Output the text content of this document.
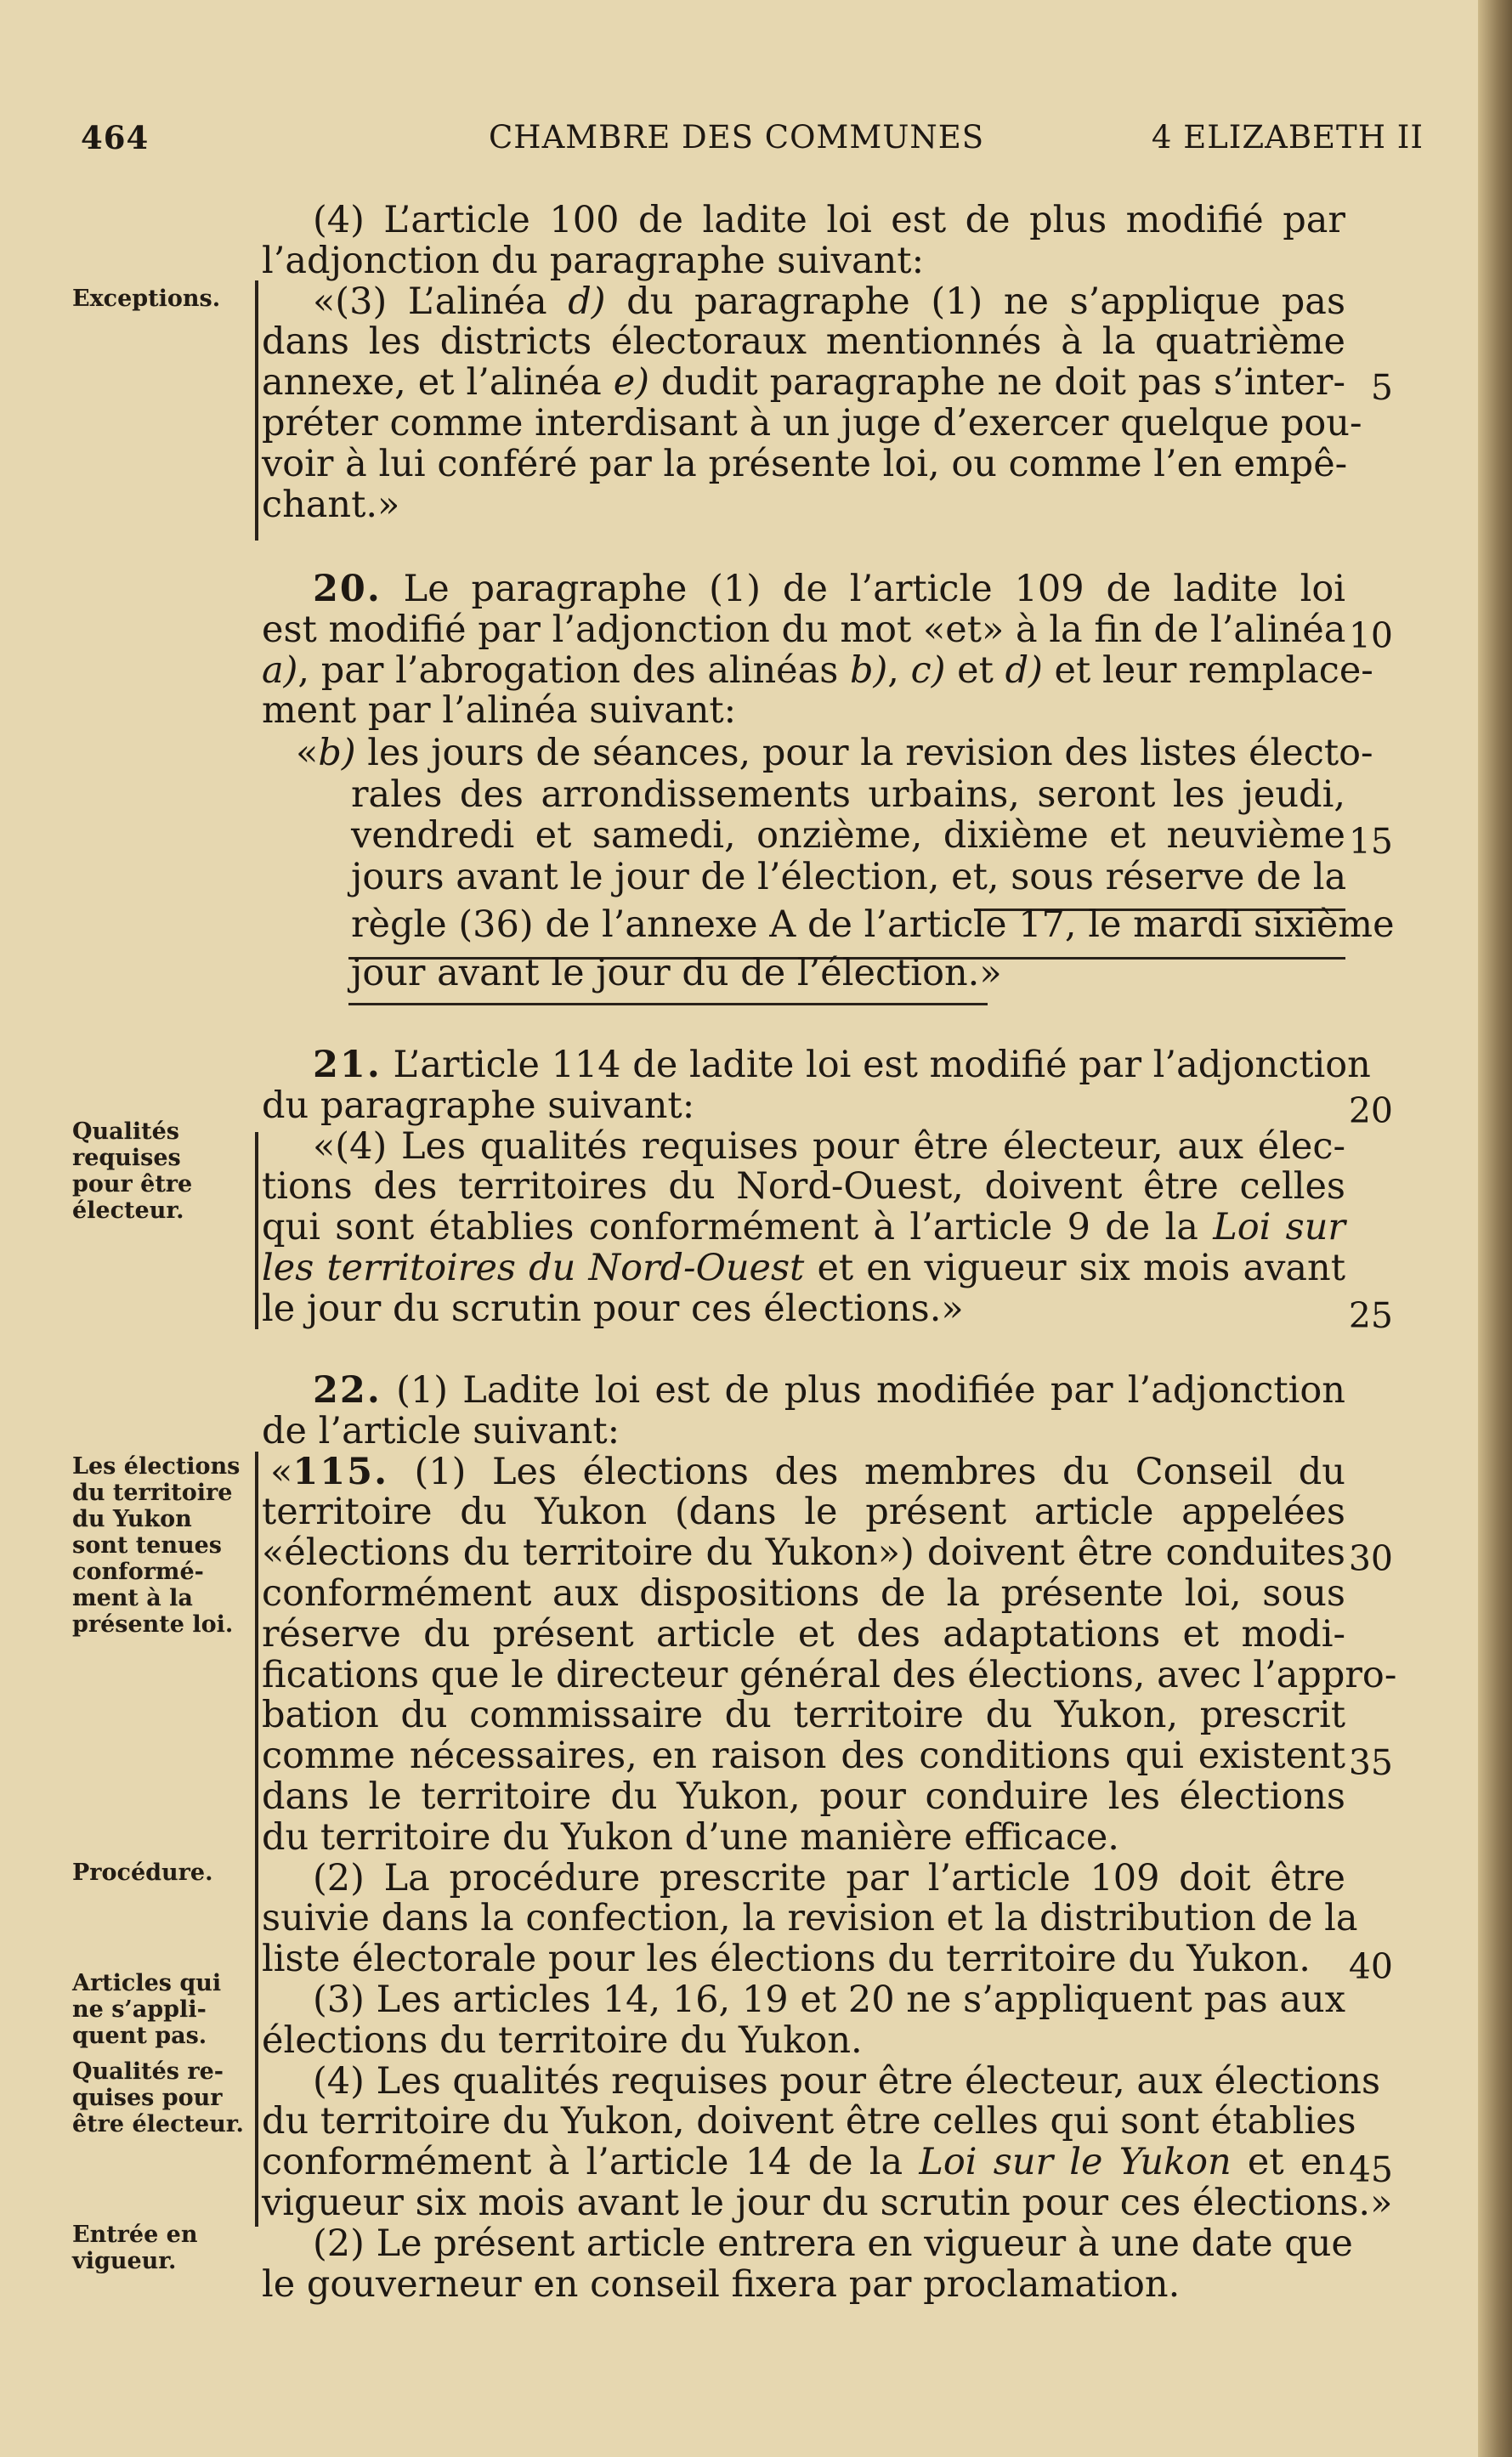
464	CHAMBRE DES COMMUNES	4 ELIZABETH II
Exceptions.
Qualités
requises
pour être
électeur.
Les élections
du territoire
du Yukon
sont tenues
conformé-
ment à la
présente loi.
Procédure.
Articles qui
ne s’appli-
quent pas.
Qualités re-
quises pour
être électeur.
Entrée en
vigueur.
(4) L’article 100 de ladite loi est de plus modifié par
l’adjonction du paragraphe suivant:
«(3) L’alinéa d) du paragraphe (1) ne s’applique pas
dans les districts électoraux mentionnés à la quatrième
annexe, et l’alinéa e) dudit paragraphe ne doit pas s’inter-
préter comme interdisant à un juge d’exercer quelque pou-
voir à lui conféré par la présente loi, ou comme l’en empê-
chant.»
20. Le paragraphe (1) de l’article 109 de ladite loi
est modifié par l’adjonction du mot «et» à la fin de l’alinéa
a), par l’abrogation des alinéas b), c) et d) et leur remplace-
ment par l’alinéa suivant:
«b) les jours de séances, pour la revision des listes électo-
rales des arrondissements urbains, seront les jeudi,
vendredi et samedi, onzième, dixième et neuvième
jours avant le jour de l’élection, et, sous réserve de la
règle (36) de l’annexe A de l’article 17, le mardi sixième
jour avant le jour du de l’élection.»
21. L’article 114 de ladite loi est modifié par l’adjonction
du paragraphe suivant:
«(4) Les qualités requises pour être électeur, aux élec-
tions des territoires du Nord-Ouest, doivent être celles
qui sont établies conformément à l’article 9 de la Loi sur
les territoires du Nord-Ouest et en vigueur six mois avant
le jour du scrutin pour ces élections.»
22. (1) Ladite loi est de plus modifiée par l’adjonction
de l’article suivant:
«115. (1) Les élections des membres du Conseil du
territoire du Yukon (dans le présent article appelées
«élections du territoire du Yukon») doivent être conduites
conformément aux dispositions de la présente loi, sous
réserve du présent article et des adaptations et modi-
fications que le directeur général des élections, avec l’appro-
bation du commissaire du territoire du Yukon, prescrit
comme nécessaires, en raison des conditions qui existent
dans le territoire du Yukon, pour conduire les élections
du territoire du Yukon d’une manière efficace.
(2) La procédure prescrite par l’article 109 doit être
suivie dans la confection, la revision et la distribution de la
liste électorale pour les élections du territoire du Yukon.
(3) Les articles 14, 16, 19 et 20 ne s’appliquent pas aux
élections du territoire du Yukon.
(4) Les qualités requises pour être électeur, aux élections
du territoire du Yukon, doivent être celles qui sont établies
conformément à l’article 14 de la Loi sur le Yukon et en
vigueur six mois avant le jour du scrutin pour ces élections.»
(2) Le présent article entrera en vigueur à une date que
le gouverneur en conseil fixera par proclamation.
5
10
15
20
25
30
35
40
45
